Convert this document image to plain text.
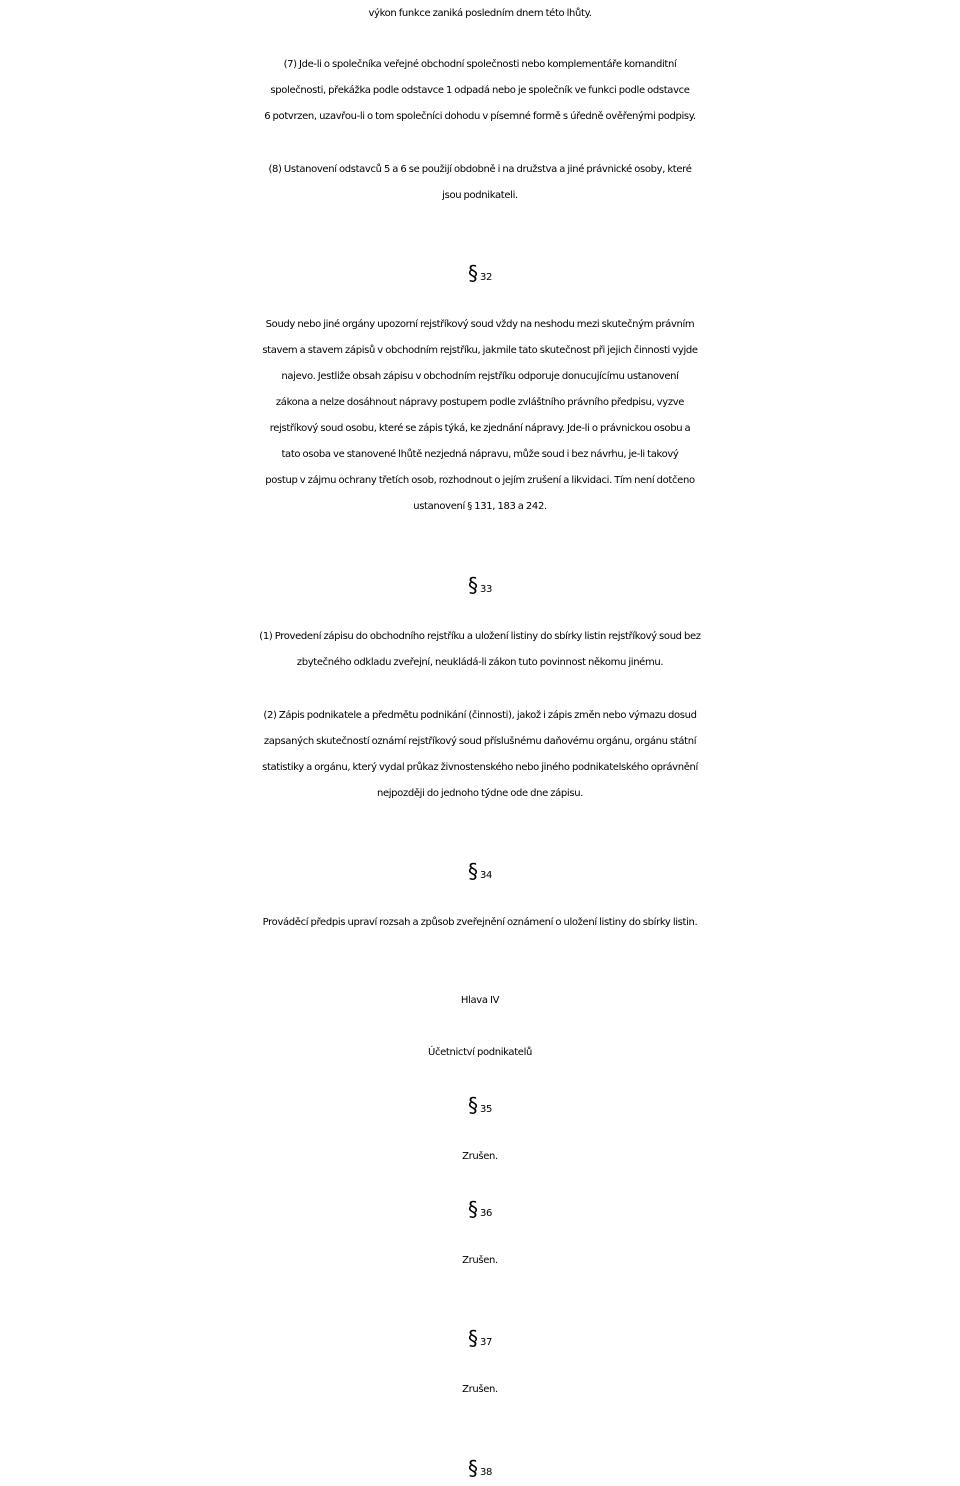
výkon funkce zaniká posledním dnem této lhůty.
(7) Jde-li o společníka veřejné obchodní společnosti nebo komplementáře komanditní
společnosti, překážka podle odstavce 1 odpadá nebo je společník ve funkci podle odstavce
6 potvrzen, uzavřou-li o tom společníci dohodu v písemné formě s úředně ověřenými podpisy.
(8) Ustanovení odstavců 5 a 6 se použijí obdobně i na družstva a jiné právnické osoby, které
jsou podnikateli.
§ 32
Soudy nebo jiné orgány upozorní rejstříkový soud vždy na neshodu mezi skutečným právním
stavem a stavem zápisů v obchodním rejstříku, jakmile tato skutečnost při jejich činnosti vyjde
najevo. Jestliže obsah zápisu v obchodním rejstříku odporuje donucujícímu ustanovení
zákona a nelze dosáhnout nápravy postupem podle zvláštního právního předpisu, vyzve
rejstříkový soud osobu, které se zápis týká, ke zjednání nápravy. Jde-li o právnickou osobu a
tato osoba ve stanovené lhůtě nezjedná nápravu, může soud i bez návrhu, je-li takový
postup v zájmu ochrany třetích osob, rozhodnout o jejím zrušení a likvidaci. Tím není dotčeno
ustanovení § 131, 183 a 242.
§ 33
(1) Provedení zápisu do obchodního rejstříku a uložení listiny do sbírky listin rejstříkový soud bez
zbytečného odkladu zveřejní, neukládá-li zákon tuto povinnost někomu jinému.
(2) Zápis podnikatele a předmětu podnikání (činnosti), jakož i zápis změn nebo výmazu dosud
zapsaných skutečností oznámí rejstříkový soud příslušnému daňovému orgánu, orgánu státní
statistiky a orgánu, který vydal průkaz živnostenského nebo jiného podnikatelského oprávnění
nejpozději do jednoho týdne ode dne zápisu.
§ 34
Prováděcí předpis upraví rozsah a způsob zveřejnění oznámení o uložení listiny do sbírky listin.
Hlava IV
Účetnictví podnikatelů
§ 35
Zrušen.
§ 36
Zrušen.
§ 37
Zrušen.
§ 38
